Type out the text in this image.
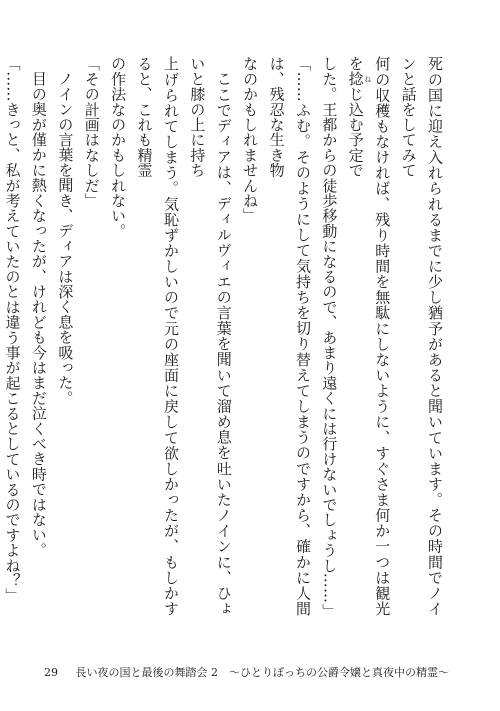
死の国に迎え入れられるまでに少し猶予があると聞いています。その時間でノインと話をしてみて

何の収穫もなければ、残り時間を無駄にしないように、すぐさま何か一つは観光を捻 ねじ込む予定で

した。王都からの徒歩移動になるので、あまり遠くには行けないでしょうし……」

「……ふむ。そのようにして気持ちを切り替えてしまうのですから、確かに人間は、残忍な生き物

なのかもしれませんね」

ここでディアは、ディルヴィエの言葉を聞いて溜め息を吐いたノインに、ひょいと膝の上に持ち

上げられてしまう。気恥ずかしいので元の座面に戻して欲しかったが、もしかすると、これも精霊

の作法なのかもしれない。

「その計画はなしだ」

ノインの言葉を聞き、ディアは深く息を吸った。

目の奥が僅かに熱くなったが、けれども今はまだ泣くべき時ではない。

「……きっと、私が考えていたのとは違う事が起こるとしているのですよね？」

29 長い夜の国と最後の舞踏会 2　～ひとりぼっちの公爵令嬢と真夜中の精霊～
